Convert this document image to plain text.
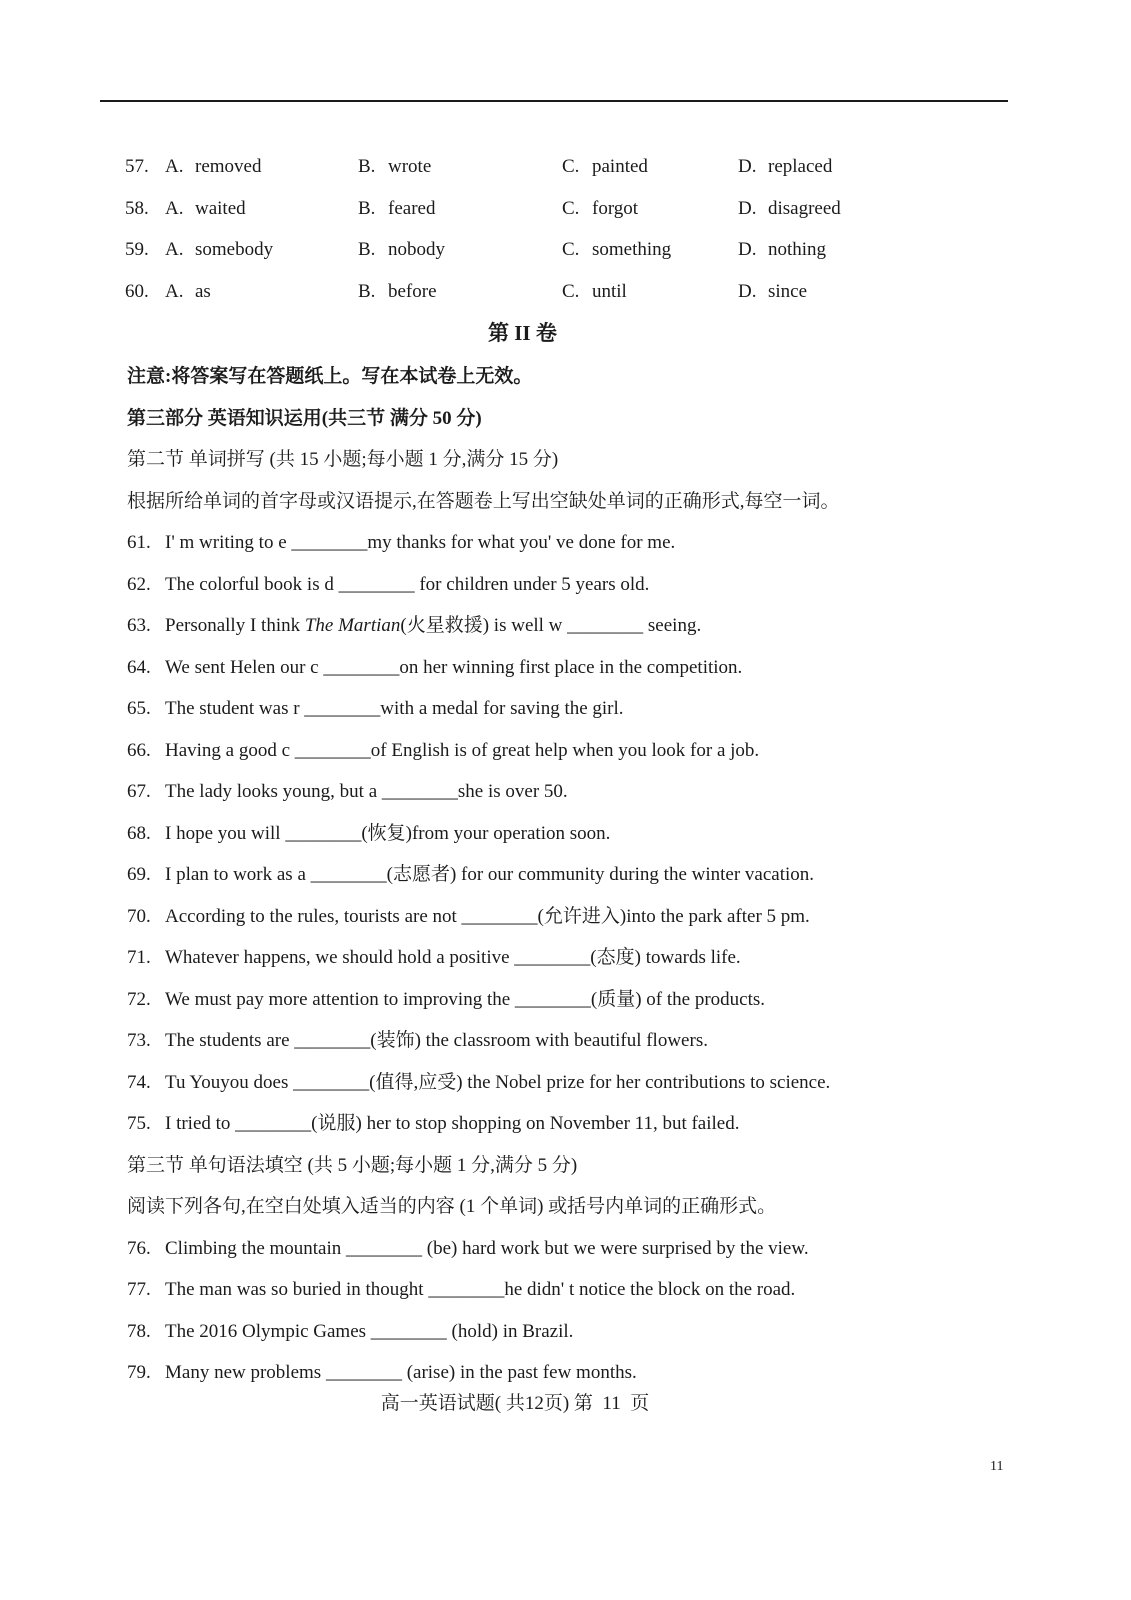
57. A. removed	B. wrote	C. painted	D. replaced
58. A. waited	B. feared	C. forgot	D. disagreed
59. A. somebody	B. nobody	C. something	D. nothing
60. A. as	B. before	C. until	D. since
第 II 卷
注意:将答案写在答题纸上。写在本试卷上无效。
第三部分 英语知识运用(共三节 满分 50 分)
第二节 单词拼写 (共 15 小题;每小题 1 分,满分 15 分)
根据所给单词的首字母或汉语提示,在答题卷上写出空缺处单词的正确形式,每空一词。
61. I' m writing to e ________my thanks for what you' ve done for me.
62. The colorful book is d ________ for children under 5 years old.
63. Personally I think The Martian(火星救援) is well w ________ seeing.
64. We sent Helen our c ________on her winning first place in the competition.
65. The student was r ________with a medal for saving the girl.
66. Having a good c ________of English is of great help when you look for a job.
67. The lady looks young, but a ________she is over 50.
68. I hope you will ________(恢复)from your operation soon.
69. I plan to work as a ________(志愿者) for our community during the winter vacation.
70. According to the rules, tourists are not ________(允许进入)into the park after 5 pm.
71. Whatever happens, we should hold a positive ________(态度) towards life.
72. We must pay more attention to improving the ________(质量) of the products.
73. The students are ________(装饰) the classroom with beautiful flowers.
74. Tu Youyou does ________(值得,应受) the Nobel prize for her contributions to science.
75. I tried to ________(说服) her to stop shopping on November 11, but failed.
第三节 单句语法填空 (共 5 小题;每小题 1 分,满分 5 分)
阅读下列各句,在空白处填入适当的内容 (1 个单词) 或括号内单词的正确形式。
76. Climbing the mountain ________ (be) hard work but we were surprised by the view.
77. The man was so buried in thought ________he didn' t notice the block on the road.
78. The 2016 Olympic Games ________ (hold) in Brazil.
79. Many new problems ________ (arise) in the past few months.
高一英语试题( 共12页) 第  11  页
11
